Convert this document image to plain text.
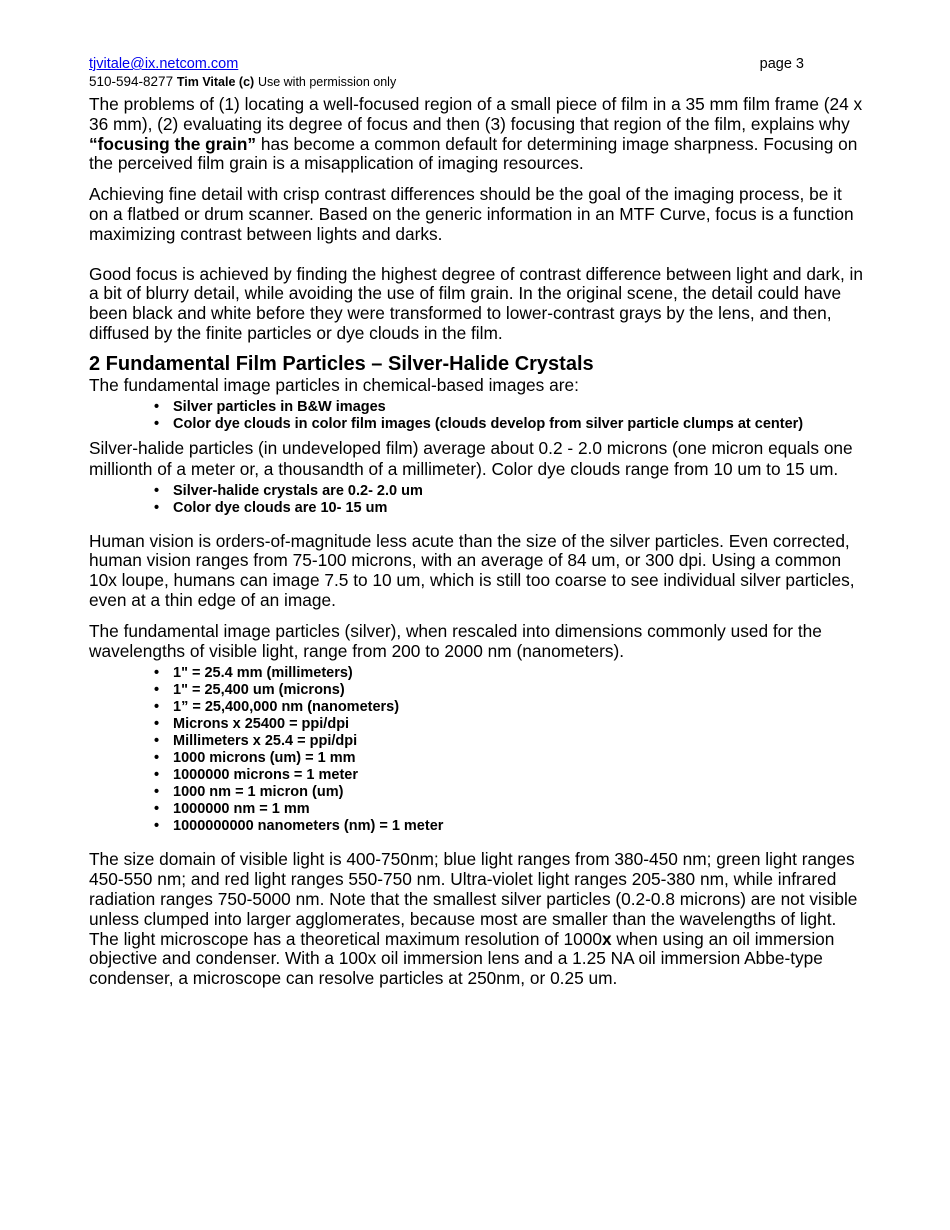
tjvitale@ix.netcom.com	page 3
510-594-8277 Tim Vitale (c) Use with permission only

The problems of (1) locating a well-focused region of a small piece of film in a 35 mm film frame (24 x 36 mm), (2) evaluating its degree of focus and then (3) focusing that region of the film, explains why “focusing the grain” has become a common default for determining image sharpness. Focusing on the perceived film grain is a misapplication of imaging resources.

Achieving fine detail with crisp contrast differences should be the goal of the imaging process, be it on a flatbed or drum scanner. Based on the generic information in an MTF Curve, focus is a function maximizing contrast between lights and darks.

Good focus is achieved by finding the highest degree of contrast difference between light and dark, in a bit of blurry detail, while avoiding the use of film grain. In the original scene, the detail could have been black and white before they were transformed to lower-contrast grays by the lens, and then, diffused by the finite particles or dye clouds in the film.

2 Fundamental Film Particles – Silver-Halide Crystals

The fundamental image particles in chemical-based images are:

• Silver particles in B&W images
• Color dye clouds in color film images (clouds develop from silver particle clumps at center)

Silver-halide particles (in undeveloped film) average about 0.2 - 2.0 microns (one micron equals one millionth of a meter or, a thousandth of a millimeter). Color dye clouds range from 10 um to 15 um.

• Silver-halide crystals are 0.2- 2.0 um
• Color dye clouds are 10- 15 um

Human vision is orders-of-magnitude less acute than the size of the silver particles. Even corrected, human vision ranges from 75-100 microns, with an average of 84 um, or 300 dpi. Using a common 10x loupe, humans can image 7.5 to 10 um, which is still too coarse to see individual silver particles, even at a thin edge of an image.

The fundamental image particles (silver), when rescaled into dimensions commonly used for the wavelengths of visible light, range from 200 to 2000 nm (nanometers).

• 1" = 25.4 mm (millimeters)
• 1" = 25,400 um (microns)
• 1” = 25,400,000 nm (nanometers)
• Microns x 25400 = ppi/dpi
• Millimeters x 25.4 = ppi/dpi
• 1000 microns (um) = 1 mm
• 1000000 microns = 1 meter
• 1000 nm = 1 micron (um)
• 1000000 nm = 1 mm
• 1000000000 nanometers (nm) = 1 meter

The size domain of visible light is 400-750nm; blue light ranges from 380-450 nm; green light ranges 450-550 nm; and red light ranges 550-750 nm. Ultra-violet light ranges 205-380 nm, while infrared radiation ranges 750-5000 nm. Note that the smallest silver particles (0.2-0.8 microns) are not visible unless clumped into larger agglomerates, because most are smaller than the wavelengths of light. The light microscope has a theoretical maximum resolution of 1000x when using an oil immersion objective and condenser. With a 100x oil immersion lens and a 1.25 NA oil immersion Abbe-type condenser, a microscope can resolve particles at 250nm, or 0.25 um.
